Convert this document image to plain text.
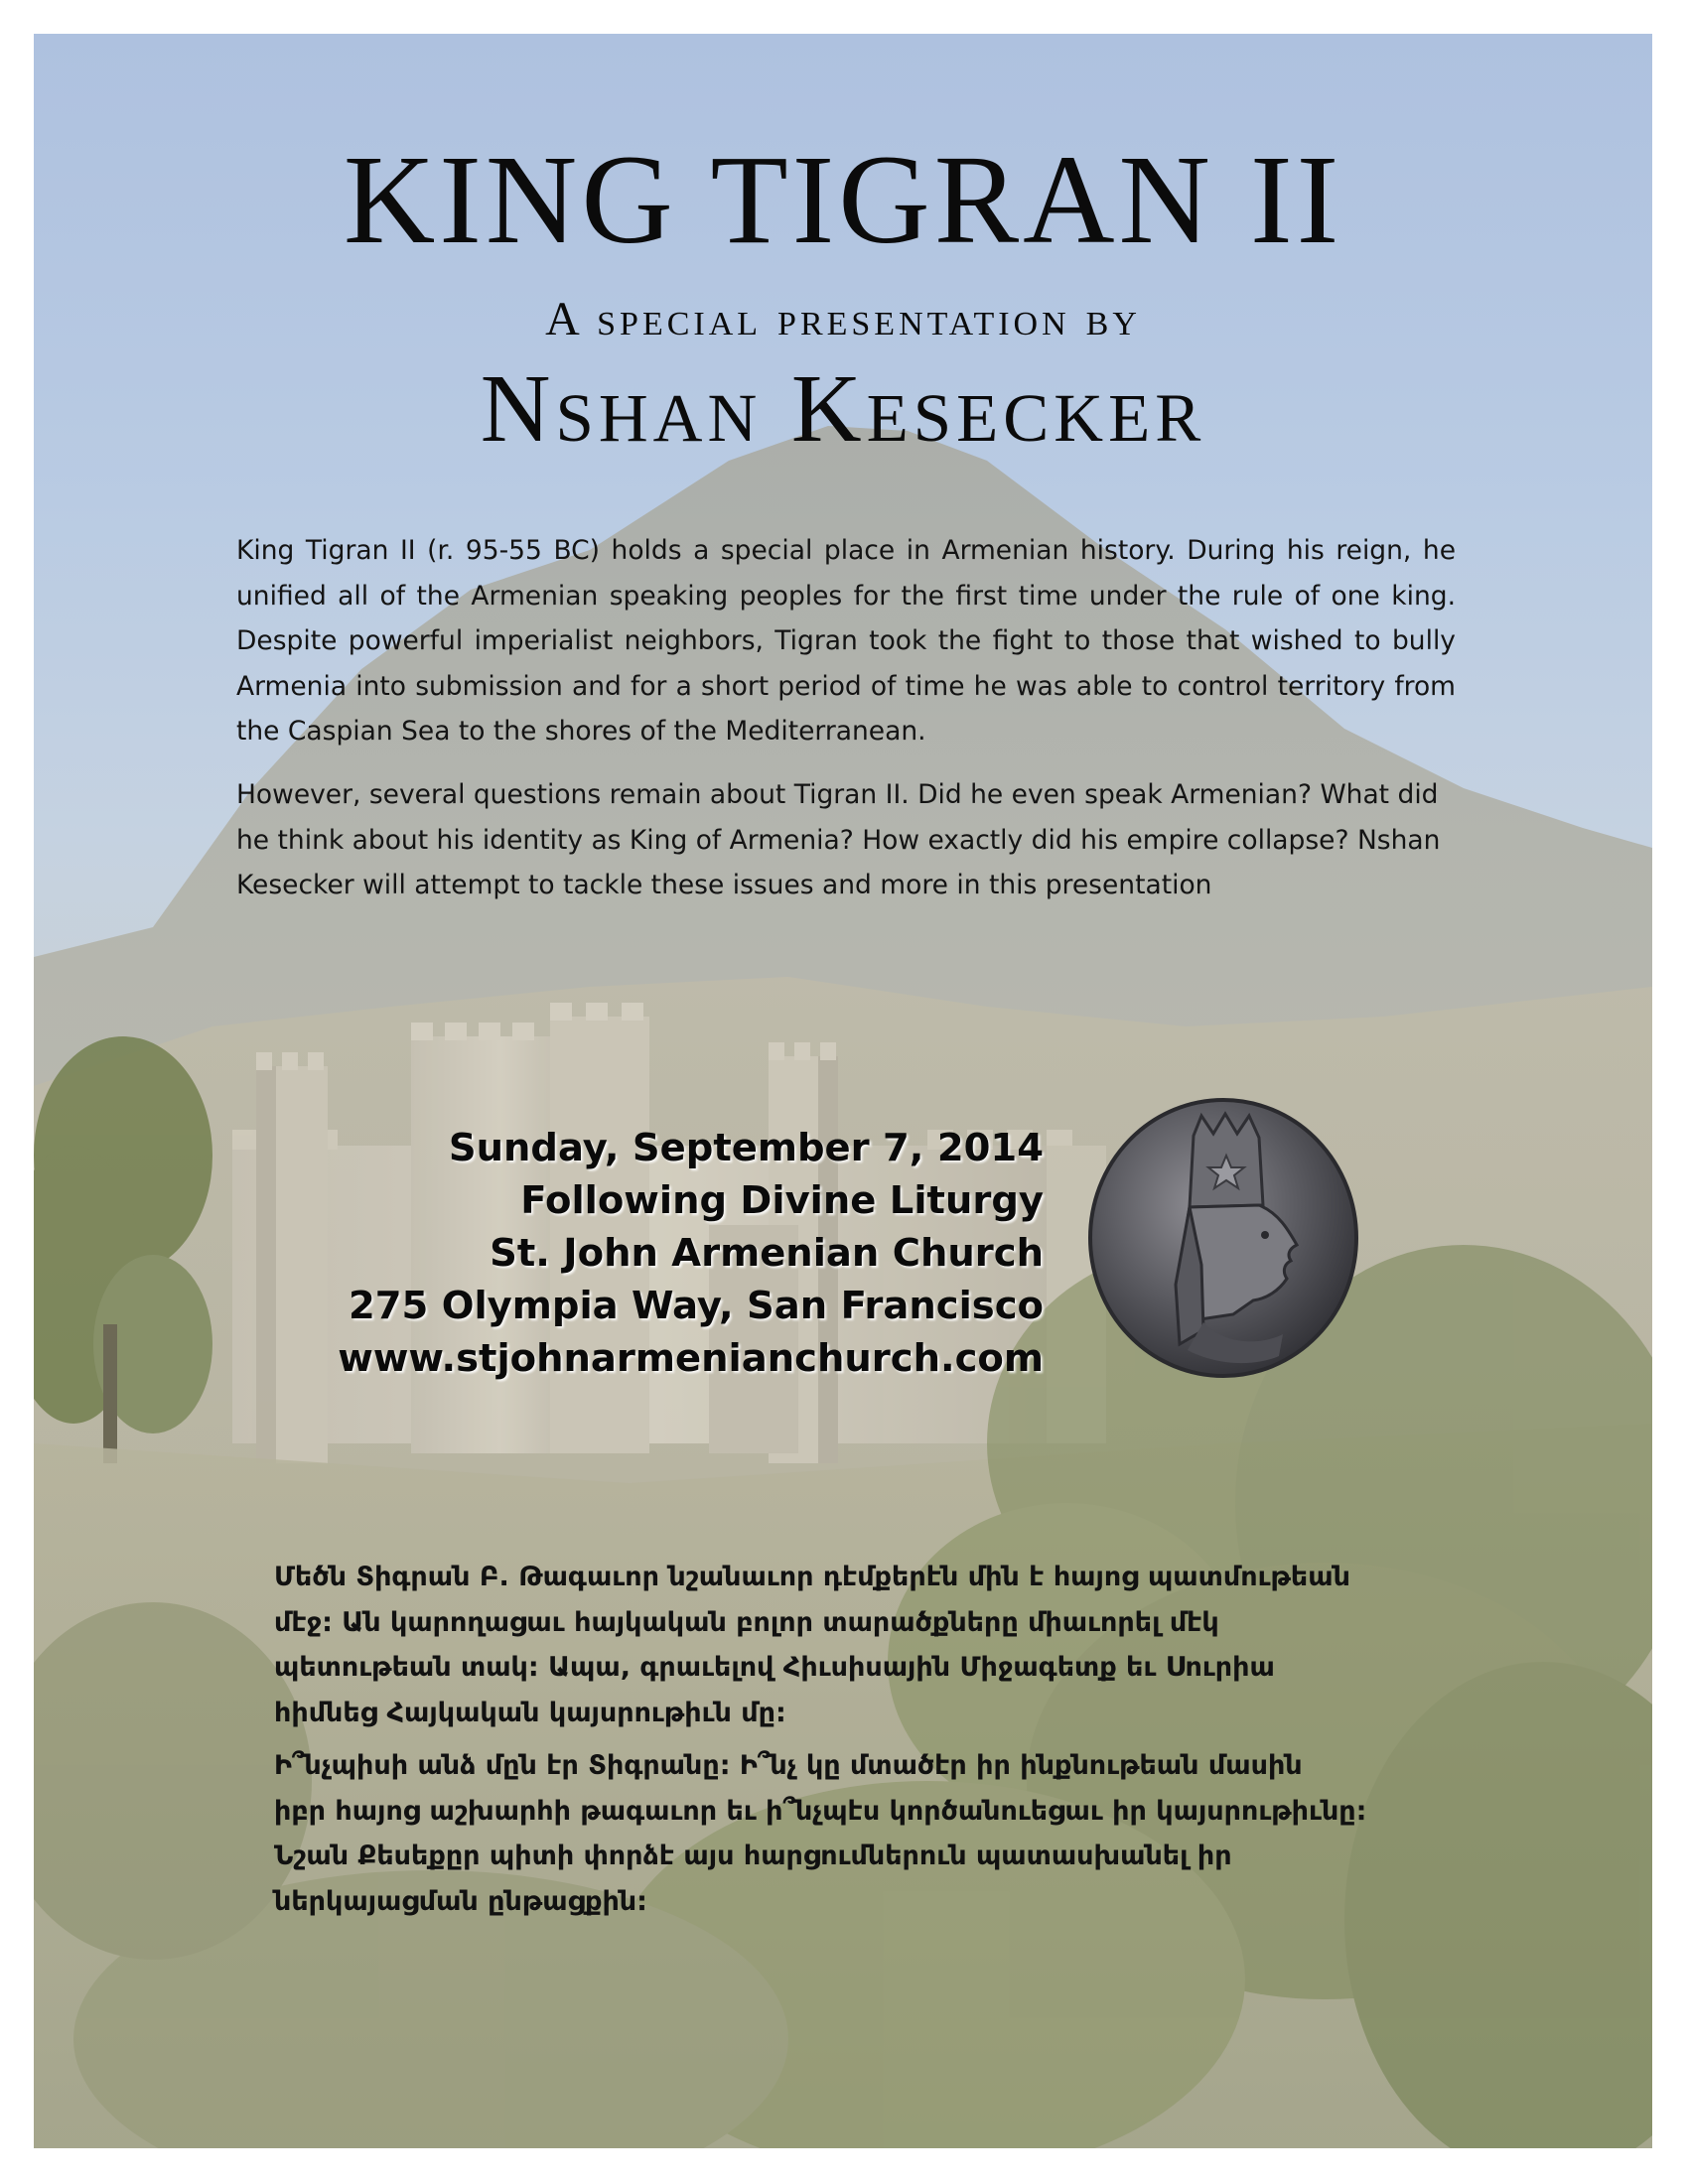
KING TIGRAN II
A special presentation by
Nshan Kesecker

King Tigran II (r. 95-55 BC) holds a special place in Armenian history. During his reign, he unified all of the Armenian speaking peoples for the first time under the rule of one king. Despite powerful imperialist neighbors, Tigran took the fight to those that wished to bully Armenia into submission and for a short period of time he was able to control territory from the Caspian Sea to the shores of the Mediterranean.

However, several questions remain about Tigran II. Did he even speak Armenian? What did he think about his identity as King of Armenia? How exactly did his empire collapse? Nshan Kesecker will attempt to tackle these issues and more in this presentation

Sunday, September 7, 2014
Following Divine Liturgy
St. John Armenian Church
275 Olympia Way, San Francisco
www.stjohnarmenianchurch.com
Մեծն Տիգրան Բ. Թագաւոր նշանաւոր դէմքերէն մին է հայոց պատմութեան
մէջ: Ան կարողացաւ հայկական բոլոր տարածքները միաւորել մէկ
պետութեան տակ: Ապա, գրաւելով Հիւսիսային Միջագետք եւ Սուրիա
հիմնեց Հայկական կայսրութիւն մը:
Ի՞նչպիսի անձ մըն էր Տիգրանը: Ի՞նչ կը մտածէր իր ինքնութեան մասին
իբր հայոց աշխարհի թագաւոր եւ ի՞նչպէս կործանուեցաւ իր կայսրութիւնը:
Նշան Քեսեքըր պիտի փորձէ այս հարցումներուն պատասխանել իր
ներկայացման ընթացքին:
